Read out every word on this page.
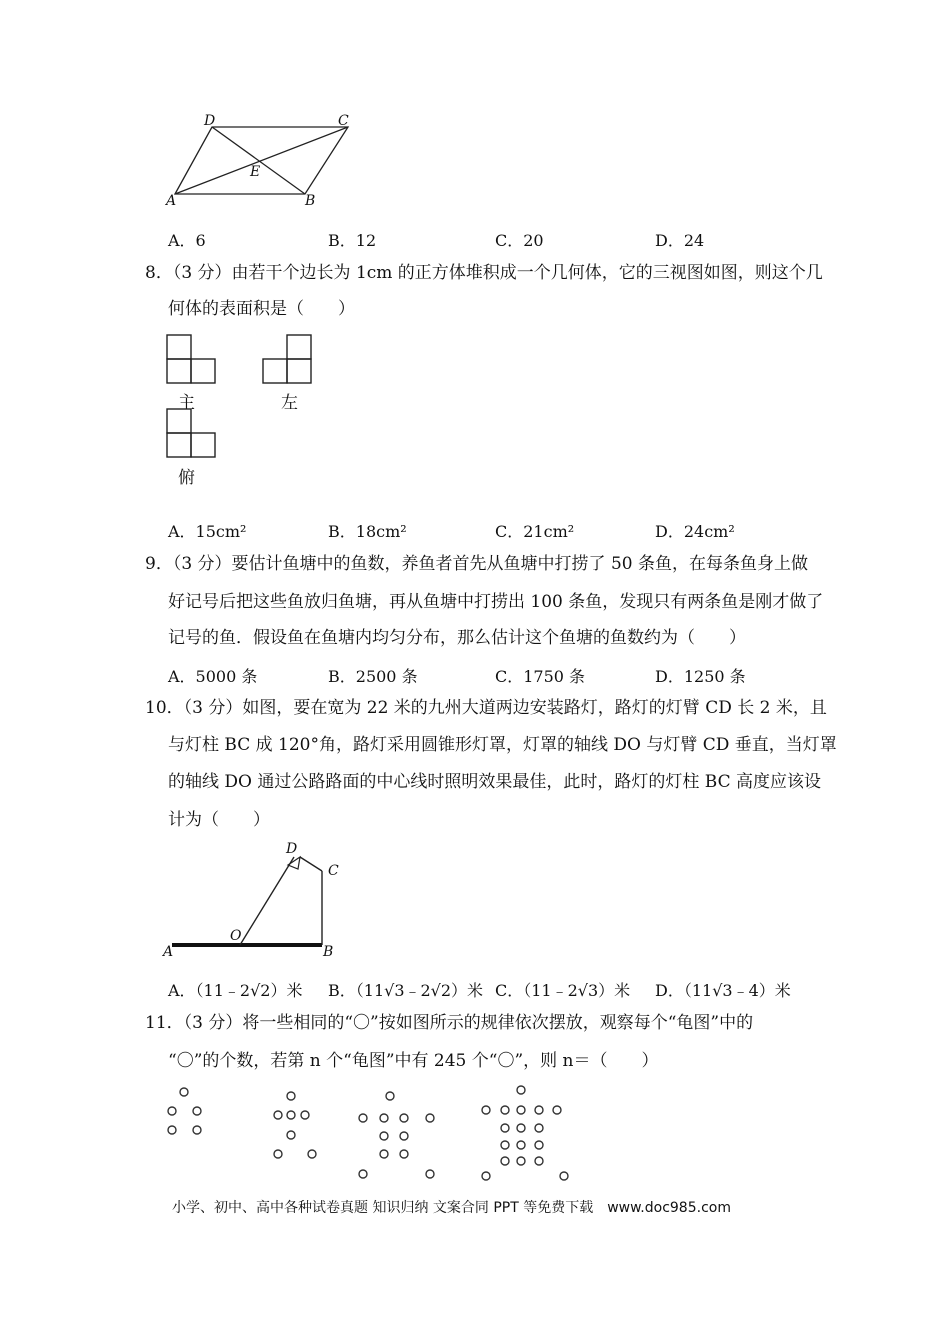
D	C
E
A	B
A．6	B．12	C．20	D．24
8．（3 分）由若干个边长为 1cm 的正方体堆积成一个几何体，它的三视图如图，则这个几
何体的表面积是（　　）
主	左
俯
A．15cm²	B．18cm²	C．21cm²	D．24cm²
9．（3 分）要估计鱼塘中的鱼数，养鱼者首先从鱼塘中打捞了 50 条鱼，在每条鱼身上做
好记号后把这些鱼放归鱼塘，再从鱼塘中打捞出 100 条鱼，发现只有两条鱼是刚才做了
记号的鱼．假设鱼在鱼塘内均匀分布，那么估计这个鱼塘的鱼数约为（　　）
A．5000 条	B．2500 条	C．1750 条	D．1250 条
10．（3 分）如图，要在宽为 22 米的九州大道两边安装路灯，路灯的灯臂 CD 长 2 米，且
与灯柱 BC 成 120°角，路灯采用圆锥形灯罩，灯罩的轴线 DO 与灯臂 CD 垂直，当灯罩
的轴线 DO 通过公路路面的中心线时照明效果最佳，此时，路灯的灯柱 BC 高度应该设
计为（　　）
D
C
O
A	B
A．（11﹣2√2）米 B．（11√3﹣2√2）米 C．（11﹣2√3）米 D．（11√3﹣4）米
11．（3 分）将一些相同的“〇”按如图所示的规律依次摆放，观察每个“龟图”中的
“〇”的个数，若第 n 个“龟图”中有 245 个“〇”，则 n＝（　　）
小学、初中、高中各种试卷真题 知识归纳 文案合同 PPT 等免费下载　www.doc985.com
